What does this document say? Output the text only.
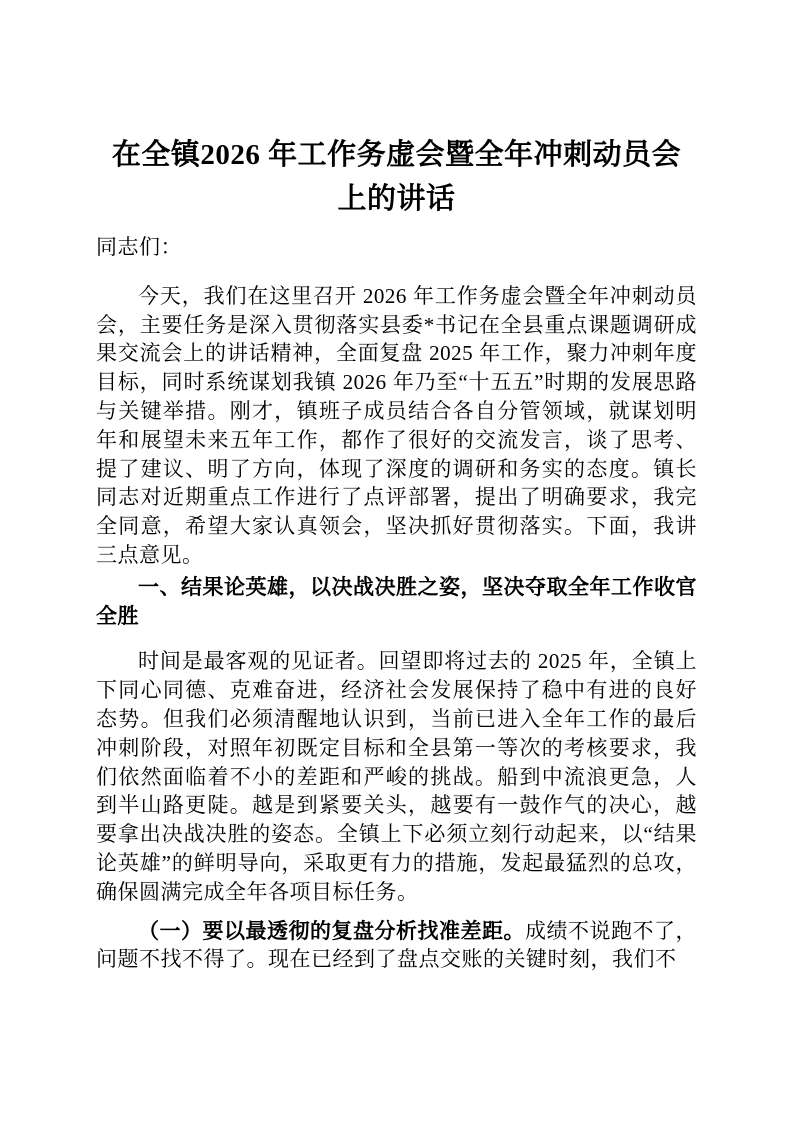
在全镇2026 年工作务虚会暨全年冲刺动员会
上的讲话
同志们：
今天，我们在这里召开 2026 年工作务虚会暨全年冲刺动员会，主要任务是深入贯彻落实县委*书记在全县重点课题调研成果交流会上的讲话精神，全面复盘 2025 年工作，聚力冲刺年度目标，同时系统谋划我镇 2026 年乃至“十五五”时期的发展思路与关键举措。刚才，镇班子成员结合各自分管领域，就谋划明年和展望未来五年工作，都作了很好的交流发言，谈了思考、提了建议、明了方向，体现了深度的调研和务实的态度。镇长同志对近期重点工作进行了点评部署，提出了明确要求，我完全同意，希望大家认真领会，坚决抓好贯彻落实。下面，我讲三点意见。
一、结果论英雄，以决战决胜之姿，坚决夺取全年工作收官全胜
时间是最客观的见证者。回望即将过去的 2025 年，全镇上下同心同德、克难奋进，经济社会发展保持了稳中有进的良好态势。但我们必须清醒地认识到，当前已进入全年工作的最后冲刺阶段，对照年初既定目标和全县第一等次的考核要求，我们依然面临着不小的差距和严峻的挑战。船到中流浪更急，人到半山路更陡。越是到紧要关头，越要有一鼓作气的决心，越要拿出决战决胜的姿态。全镇上下必须立刻行动起来，以“结果论英雄”的鲜明导向，采取更有力的措施，发起最猛烈的总攻，确保圆满完成全年各项目标任务。
（一）要以最透彻的复盘分析找准差距。成绩不说跑不了，问题不找不得了。现在已经到了盘点交账的关键时刻，我们不
